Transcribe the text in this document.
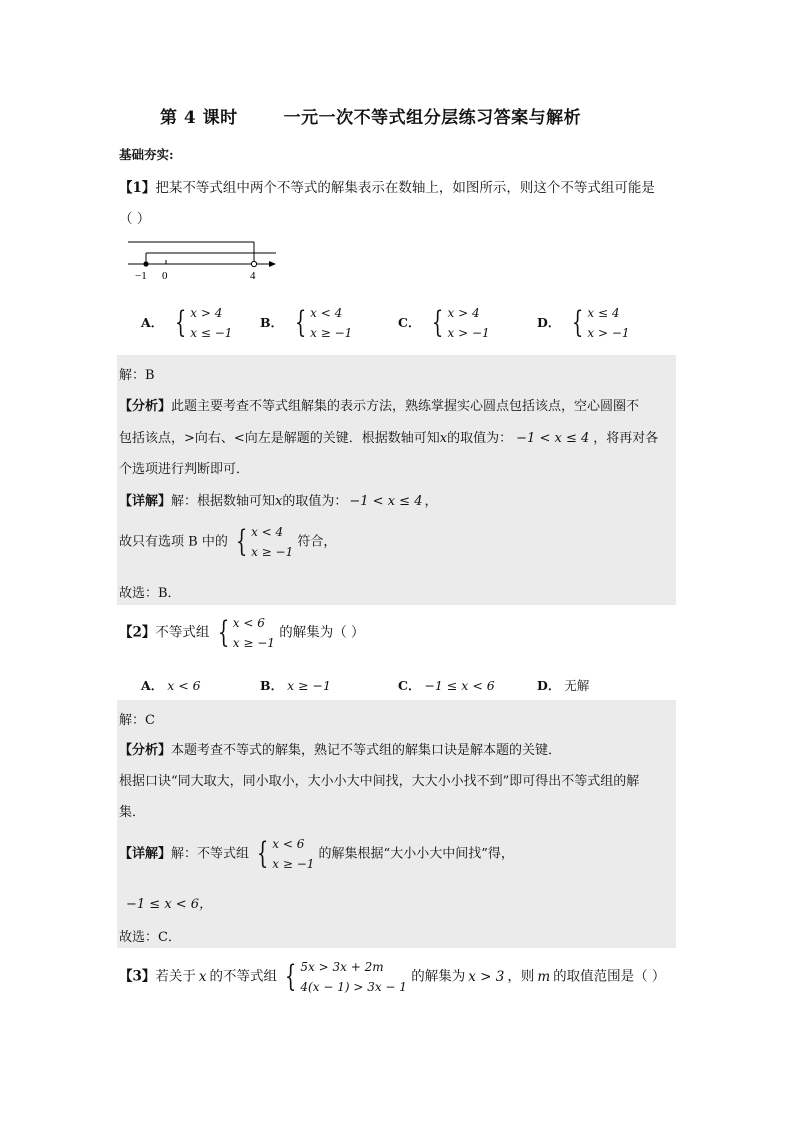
第 4 课时	一元一次不等式组分层练习答案与解析
基础夯实:
【1】把某不等式组中两个不等式的解集表示在数轴上，如图所示，则这个不等式组可能是
（ ）
−1 0	4
A． { x > 4
x ≤ −1
B． { x < 4
x ≥ −1
C． { x > 4
x > −1
D． { x ≤ 4
x > −1
解：B
【分析】此题主要考查不等式组解集的表示方法，熟练掌握实心圆点包括该点，空心圆圈不
包括该点，>向右、<向左是解题的关键．根据数轴可知x的取值为： −1 < x ≤ 4 ，将再对各
个选项进行判断即可．
【详解】解：根据数轴可知x的取值为： −1 < x ≤ 4 ，
故只有选项 B 中的 { x < 4
x ≥ −1
符合，
故选：B．
【2】不等式组 { x < 6
x ≥ −1
的解集为（ ）
A． x < 6	B． x ≥ −1	C． −1 ≤ x < 6	D． 无解
解：C
【分析】本题考查不等式的解集，熟记不等式组的解集口诀是解本题的关键．
根据口诀“同大取大，同小取小，大小小大中间找，大大小小找不到”即可得出不等式组的解
集．
【详解】解：不等式组 { x < 6
x ≥ −1
的解集根据“大小小大中间找”得，
−1 ≤ x < 6，
故选：C．
【3】若关于 x 的不等式组 { 5x > 3x + 2m
4(x − 1) > 3x − 1
的解集为 x > 3 ，则 m 的取值范围是（ ）
